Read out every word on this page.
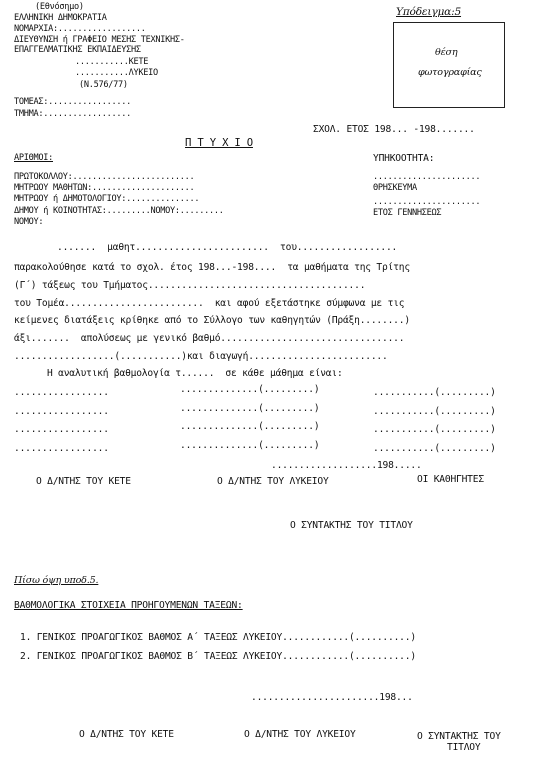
(Εθνόσημο)
ΕΛΛΗΝΙΚΗ ΔΗΜΟΚΡΑΤΙΑ
ΝΟΜΑΡΧΙΑ:..................
ΔΙΕΥΘΥΝΣΗ ή ΓΡΑΦΕΙΟ ΜΕΣΗΣ ΤΕΧΝΙΚΗΣ-
ΕΠΑΓΓΕΛΜΑΤΙΚΗΣ ΕΚΠΑΙΔΕΥΣΗΣ
...........ΚΕΤΕ
...........ΛΥΚΕΙΟ
(Ν.576/77)
ΤΟΜΕΑΣ:.................
ΤΜΗΜΑ:..................
Υπόδειγμα:5
θέση
φωτογραφίας
ΣΧΟΛ. ΕΤΟΣ 198... -198.......
Π Τ Υ Χ Ι Ο
ΑΡΙΘΜΟΙ:
ΠΡΩΤΟΚΟΛΛΟΥ:.........................
ΜΗΤΡΩΟΥ ΜΑΘΗΤΩΝ:.....................
ΜΗΤΡΩΟΥ ή ΔΗΜΟΤΟΛΟΓΙΟΥ:...............
ΔΗΜΟΥ ή ΚΟΙΝΟΤΗΤΑΣ:.........ΝΟΜΟΥ:.........
ΝΟΜΟΥ:
ΥΠΗΚΟΟΤΗΤΑ:
......................
ΘΡΗΣΚΕΥΜΑ
......................
ΕΤΟΣ ΓΕΝΝΗΣΕΩΣ
.......  μαθητ........................  του..................
παρακολούθησε κατά το σχολ. έτος 198...-198....  τα μαθήματα της Τρίτης
(Γ΄) τάξεως του Τμήματος.......................................
του Τομέα.........................  και αφού εξετάστηκε σύμφωνα με τις
κείμενες διατάξεις κρίθηκε από το Σύλλογο των καθηγητών (Πράξη........)
άξι.......  απολύσεως με γενικό βαθμό.................................
..................(...........)και διαγωγή.........................
Η αναλυτική βαθμολογία τ......  σε κάθε μάθημα είναι:
.................	..............(.........)	...........(.........)
.................	..............(.........)	...........(.........)
.................	..............(.........)	...........(.........)
.................	..............(.........)	...........(.........)
...................198.....
Ο Δ/ΝΤΗΣ ΤΟΥ ΚΕΤΕ	Ο Δ/ΝΤΗΣ ΤΟΥ ΛΥΚΕΙΟΥ	ΟΙ ΚΑΘΗΓΗΤΕΣ
Ο ΣΥΝΤΑΚΤΗΣ ΤΟΥ ΤΙΤΛΟΥ
Πίσω όψη υποδ.5.
ΒΑΘΜΟΛΟΓΙΚΑ ΣΤΟΙΧΕΙΑ ΠΡΟΗΓΟΥΜΕΝΩΝ ΤΑΞΕΩΝ:
1. ΓΕΝΙΚΟΣ ΠΡΟΑΓΩΓΙΚΟΣ ΒΑΘΜΟΣ Α΄ ΤΑΞΕΩΣ ΛΥΚΕΙΟΥ............(..........)
2. ΓΕΝΙΚΟΣ ΠΡΟΑΓΩΓΙΚΟΣ ΒΑΘΜΟΣ Β΄ ΤΑΞΕΩΣ ΛΥΚΕΙΟΥ............(..........)
.......................198...
Ο Δ/ΝΤΗΣ ΤΟΥ ΚΕΤΕ	Ο Δ/ΝΤΗΣ ΤΟΥ ΛΥΚΕΙΟΥ	Ο ΣΥΝΤΑΚΤΗΣ ΤΟΥ
ΤΙΤΛΟΥ
